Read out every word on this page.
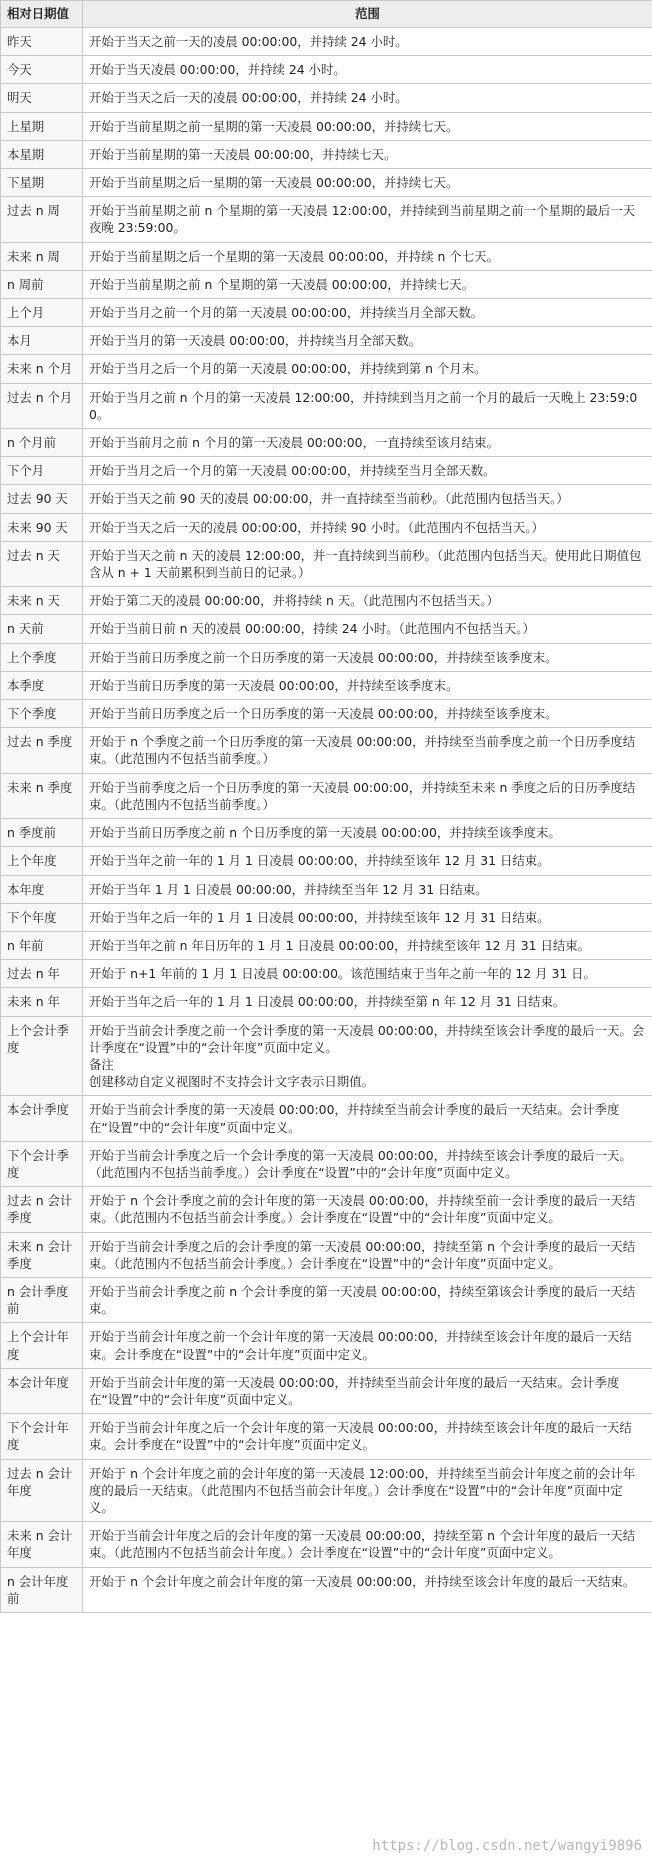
相对日期值	范围
昨天	开始于当天之前一天的凌晨 00:00:00，并持续 24 小时。
今天	开始于当天凌晨 00:00:00，并持续 24 小时。
明天	开始于当天之后一天的凌晨 00:00:00，并持续 24 小时。
上星期	开始于当前星期之前一星期的第一天凌晨 00:00:00，并持续七天。
本星期	开始于当前星期的第一天凌晨 00:00:00，并持续七天。
下星期	开始于当前星期之后一星期的第一天凌晨 00:00:00，并持续七天。
过去 n 周	开始于当前星期之前 n 个星期的第一天凌晨 12:00:00，并持续到当前星期之前一个星期的最后一天夜晚 23:59:00。
未来 n 周	开始于当前星期之后一个星期的第一天凌晨 00:00:00，并持续 n 个七天。
n 周前	开始于当前星期之前 n 个星期的第一天凌晨 00:00:00，并持续七天。
上个月	开始于当月之前一个月的第一天凌晨 00:00:00，并持续当月全部天数。
本月	开始于当月的第一天凌晨 00:00:00，并持续当月全部天数。
未来 n 个月	开始于当月之后一个月的第一天凌晨 00:00:00，并持续到第 n 个月末。
过去 n 个月	开始于当月之前 n 个月的第一天凌晨 12:00:00，并持续到当月之前一个月的最后一天晚上 23:59:00。
n 个月前	开始于当前月之前 n 个月的第一天凌晨 00:00:00，一直持续至该月结束。
下个月	开始于当月之后一个月的第一天凌晨 00:00:00，并持续至当月全部天数。
过去 90 天	开始于当天之前 90 天的凌晨 00:00:00，并一直持续至当前秒。（此范围内包括当天。）
未来 90 天	开始于当天之后一天的凌晨 00:00:00，并持续 90 小时。（此范围内不包括当天。）
过去 n 天	开始于当天之前 n 天的凌晨 12:00:00，并一直持续到当前秒。（此范围内包括当天。使用此日期值包含从 n + 1 天前累积到当前日的记录。）
未来 n 天	开始于第二天的凌晨 00:00:00，并将持续 n 天。（此范围内不包括当天。）
n 天前	开始于当前日前 n 天的凌晨 00:00:00，持续 24 小时。（此范围内不包括当天。）
上个季度	开始于当前日历季度之前一个日历季度的第一天凌晨 00:00:00，并持续至该季度末。
本季度	开始于当前日历季度的第一天凌晨 00:00:00，并持续至该季度末。
下个季度	开始于当前日历季度之后一个日历季度的第一天凌晨 00:00:00，并持续至该季度末。
过去 n 季度	开始于 n 个季度之前一个日历季度的第一天凌晨 00:00:00，并持续至当前季度之前一个日历季度结束。（此范围内不包括当前季度。）
未来 n 季度	开始于当前季度之后一个日历季度的第一天凌晨 00:00:00，并持续至未来 n 季度之后的日历季度结束。（此范围内不包括当前季度。）
n 季度前	开始于当前日历季度之前 n 个日历季度的第一天凌晨 00:00:00，并持续至该季度末。
上个年度	开始于当年之前一年的 1 月 1 日凌晨 00:00:00，并持续至该年 12 月 31 日结束。
本年度	开始于当年 1 月 1 日凌晨 00:00:00，并持续至当年 12 月 31 日结束。
下个年度	开始于当年之后一年的 1 月 1 日凌晨 00:00:00，并持续至该年 12 月 31 日结束。
n 年前	开始于当年之前 n 年日历年的 1 月 1 日凌晨 00:00:00，并持续至该年 12 月 31 日结束。
过去 n 年	开始于 n+1 年前的 1 月 1 日凌晨 00:00:00。该范围结束于当年之前一年的 12 月 31 日。
未来 n 年	开始于当年之后一年的 1 月 1 日凌晨 00:00:00，并持续至第 n 年 12 月 31 日结束。
上个会计季度	开始于当前会计季度之前一个会计季度的第一天凌晨 00:00:00，并持续至该会计季度的最后一天。会计季度在“设置”中的“会计年度”页面中定义。
备注
创建移动自定义视图时不支持会计文字表示日期值。
本会计季度	开始于当前会计季度的第一天凌晨 00:00:00，并持续至当前会计季度的最后一天结束。会计季度在“设置”中的“会计年度”页面中定义。
下个会计季度	开始于当前会计季度之后一个会计季度的第一天凌晨 00:00:00，并持续至该会计季度的最后一天。（此范围内不包括当前季度。）会计季度在“设置”中的“会计年度”页面中定义。
过去 n 会计季度	开始于 n 个会计季度之前的会计年度的第一天凌晨 00:00:00，并持续至前一会计季度的最后一天结束。（此范围内不包括当前会计季度。）会计季度在“设置”中的“会计年度”页面中定义。
未来 n 会计季度	开始于当前会计季度之后的会计季度的第一天凌晨 00:00:00，持续至第 n 个会计季度的最后一天结束。（此范围内不包括当前会计季度。）会计季度在“设置”中的“会计年度”页面中定义。
n 会计季度前	开始于当前会计季度之前 n 个会计季度的第一天凌晨 00:00:00，持续至第该会计季度的最后一天结束。
上个会计年度	开始于当前会计年度之前一个会计年度的第一天凌晨 00:00:00，并持续至该会计年度的最后一天结束。会计季度在“设置”中的“会计年度”页面中定义。
本会计年度	开始于当前会计年度的第一天凌晨 00:00:00，并持续至当前会计年度的最后一天结束。会计季度在“设置”中的“会计年度”页面中定义。
下个会计年度	开始于当前会计年度之后一个会计年度的第一天凌晨 00:00:00，并持续至该会计年度的最后一天结束。会计季度在“设置”中的“会计年度”页面中定义。
过去 n 会计年度	开始于 n 个会计年度之前的会计年度的第一天凌晨 12:00:00，并持续至当前会计年度之前的会计年度的最后一天结束。（此范围内不包括当前会计年度。）会计季度在“设置”中的“会计年度”页面中定义。
未来 n 会计年度	开始于当前会计年度之后的会计年度的第一天凌晨 00:00:00，持续至第 n 个会计年度的最后一天结束。（此范围内不包括当前会计年度。）会计季度在“设置”中的“会计年度”页面中定义。
n 会计年度前	开始于 n 个会计年度之前会计年度的第一天凌晨 00:00:00，并持续至该会计年度的最后一天结束。
https://blog.csdn.net/wangyi9896
